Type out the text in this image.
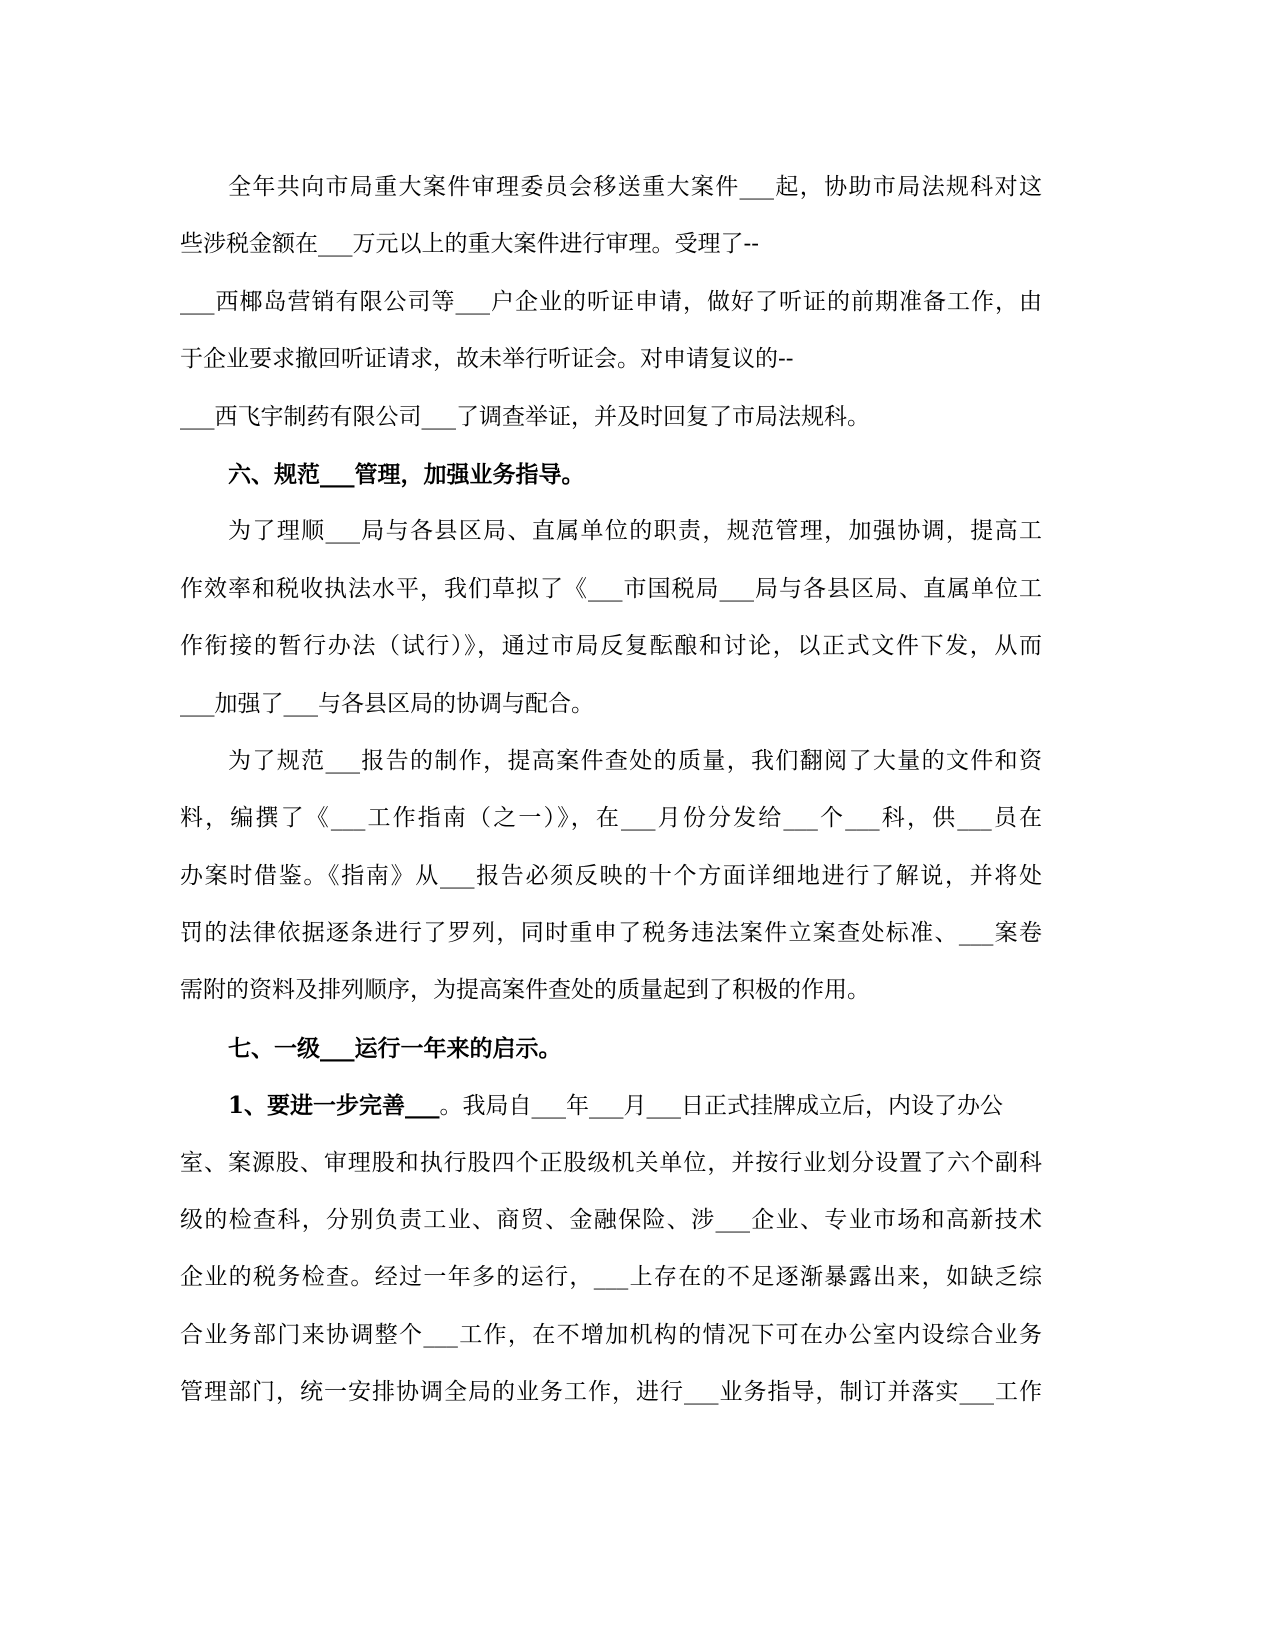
全年共向市局重大案件审理委员会移送重大案件___起，协助市局法规科对这
些涉税金额在___万元以上的重大案件进行审理。受理了--
___西椰岛营销有限公司等___户企业的听证申请，做好了听证的前期准备工作，由
于企业要求撤回听证请求，故未举行听证会。对申请复议的--
___西飞宇制药有限公司___了调查举证，并及时回复了市局法规科。
六、规范___管理，加强业务指导。
为了理顺___局与各县区局、直属单位的职责，规范管理，加强协调，提高工
作效率和税收执法水平，我们草拟了《___市国税局___局与各县区局、直属单位工
作衔接的暂行办法（试行）》，通过市局反复酝酿和讨论，以正式文件下发，从而
___加强了___与各县区局的协调与配合。
为了规范___报告的制作，提高案件查处的质量，我们翻阅了大量的文件和资
料，编撰了《___工作指南（之一）》，在___月份分发给___个___科，供___员在
办案时借鉴。《指南》从___报告必须反映的十个方面详细地进行了解说，并将处
罚的法律依据逐条进行了罗列，同时重申了税务违法案件立案查处标准、___案卷
需附的资料及排列顺序，为提高案件查处的质量起到了积极的作用。
七、一级___运行一年来的启示。
1、要进一步完善___。我局自___年___月___日正式挂牌成立后，内设了办公
室、案源股、审理股和执行股四个正股级机关单位，并按行业划分设置了六个副科
级的检查科，分别负责工业、商贸、金融保险、涉___企业、专业市场和高新技术
企业的税务检查。经过一年多的运行，___上存在的不足逐渐暴露出来，如缺乏综
合业务部门来协调整个___工作，在不增加机构的情况下可在办公室内设综合业务
管理部门，统一安排协调全局的业务工作，进行___业务指导，制订并落实___工作
